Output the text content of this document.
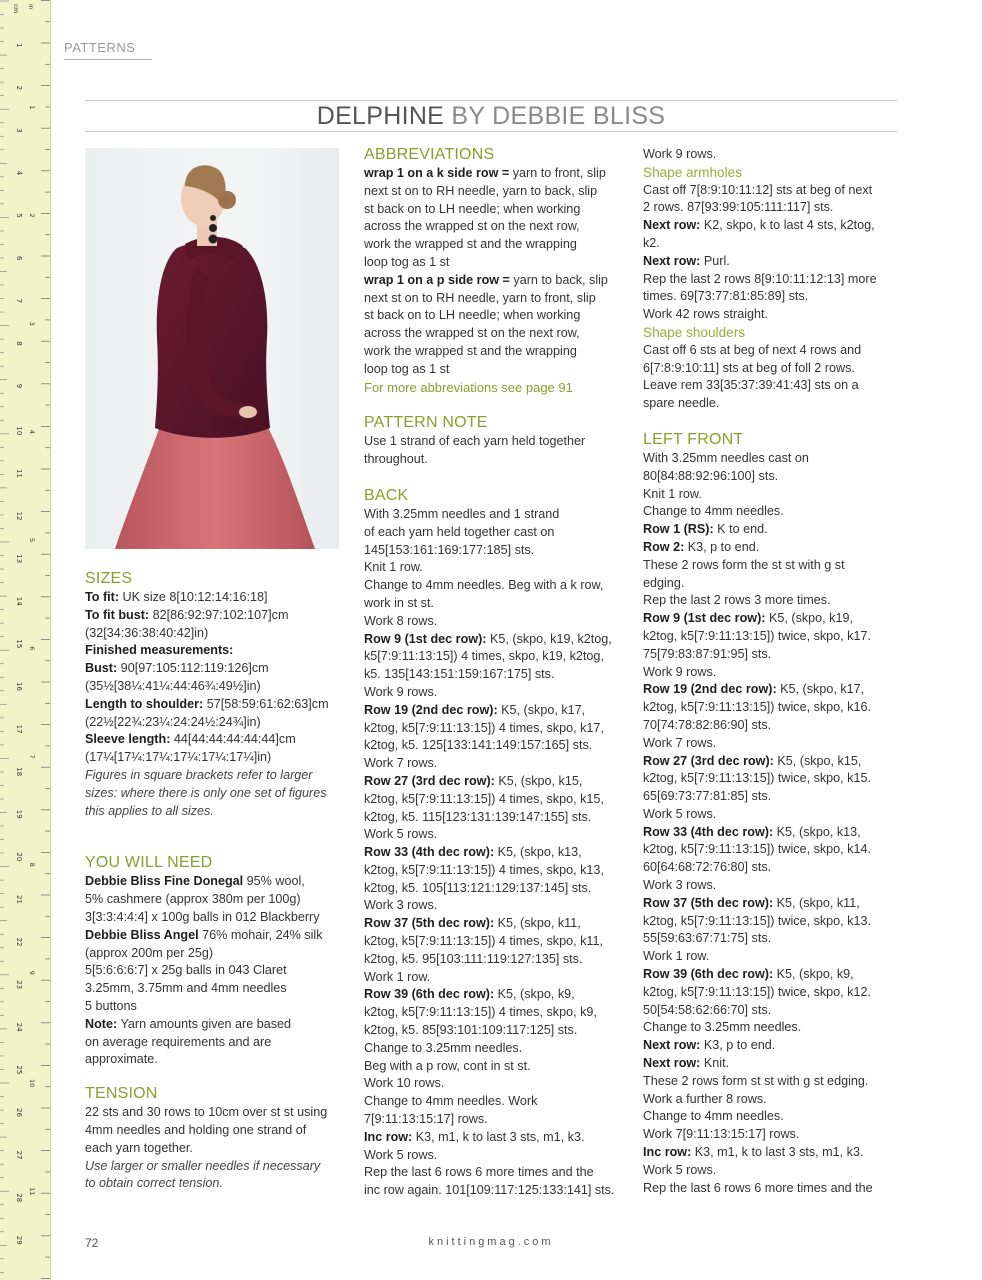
in
cm
1
2
3
4
5
6
7
8
9
10
11
12
13
14
15
16
17
18
19
20
21
22
23
24
25
26
27
28
29
1
2
3
4
5
6
7
8
9
10
11
PATTERNS
DELPHINE BY DEBBIE BLISS

SIZES

To fit: UK size 8[10:12:14:16:18]

To fit bust: 82[86:92:97:102:107]cm

(32[34:36:38:40:42]in)

Finished measurements:

Bust: 90[97:105:112:119:126]cm

(35½[38¼:41¼:44:46¾:49½]in)

Length to shoulder: 57[58:59:61:62:63]cm

(22½[22¾:23¼:24:24½:24¾]in)

Sleeve length: 44[44:44:44:44:44]cm

(17¼[17¼:17¼:17¼:17¼:17¼]in)

Figures in square brackets refer to larger

sizes: where there is only one set of figures

this applies to all sizes.

YOU WILL NEED

Debbie Bliss Fine Donegal 95% wool,

5% cashmere (approx 380m per 100g)

3[3:3:4:4:4] x 100g balls in 012 Blackberry

Debbie Bliss Angel 76% mohair, 24% silk

(approx 200m per 25g)

5[5:6:6:6:7] x 25g balls in 043 Claret

3.25mm, 3.75mm and 4mm needles

5 buttons

Note: Yarn amounts given are based

on average requirements and are

approximate.

TENSION

22 sts and 30 rows to 10cm over st st using

4mm needles and holding one strand of

each yarn together.

Use larger or smaller needles if necessary

to obtain correct tension.

ABBREVIATIONS

wrap 1 on a k side row = yarn to front, slip

next st on to RH needle, yarn to back, slip

st back on to LH needle; when working

across the wrapped st on the next row,

work the wrapped st and the wrapping

loop tog as 1 st

wrap 1 on a p side row = yarn to back, slip

next st on to RH needle, yarn to front, slip

st back on to LH needle; when working

across the wrapped st on the next row,

work the wrapped st and the wrapping

loop tog as 1 st

For more abbreviations see page 91

PATTERN NOTE

Use 1 strand of each yarn held together

throughout.

BACK

With 3.25mm needles and 1 strand

of each yarn held together cast on

145[153:161:169:177:185] sts.

Knit 1 row.

Change to 4mm needles. Beg with a k row,

work in st st.

Work 8 rows.

Row 9 (1st dec row): K5, (skpo, k19, k2tog,

k5[7:9:11:13:15]) 4 times, skpo, k19, k2tog,

k5. 135[143:151:159:167:175] sts.

Work 9 rows.

Row 19 (2nd dec row): K5, (skpo, k17,

k2tog, k5[7:9:11:13:15]) 4 times, skpo, k17,

k2tog, k5. 125[133:141:149:157:165] sts.

Work 7 rows.

Row 27 (3rd dec row): K5, (skpo, k15,

k2tog, k5[7:9:11:13:15]) 4 times, skpo, k15,

k2tog, k5. 115[123:131:139:147:155] sts.

Work 5 rows.

Row 33 (4th dec row): K5, (skpo, k13,

k2tog, k5[7:9:11:13:15]) 4 times, skpo, k13,

k2tog, k5. 105[113:121:129:137:145] sts.

Work 3 rows.

Row 37 (5th dec row): K5, (skpo, k11,

k2tog, k5[7:9:11:13:15]) 4 times, skpo, k11,

k2tog, k5. 95[103:111:119:127:135] sts.

Work 1 row.

Row 39 (6th dec row): K5, (skpo, k9,

k2tog, k5[7:9:11:13:15]) 4 times, skpo, k9,

k2tog, k5. 85[93:101:109:117:125] sts.

Change to 3.25mm needles.

Beg with a p row, cont in st st.

Work 10 rows.

Change to 4mm needles. Work

7[9:11:13:15:17] rows.

Inc row: K3, m1, k to last 3 sts, m1, k3.

Work 5 rows.

Rep the last 6 rows 6 more times and the

inc row again. 101[109:117:125:133:141] sts.

Work 9 rows.

Shape armholes

Cast off 7[8:9:10:11:12] sts at beg of next

2 rows. 87[93:99:105:111:117] sts.

Next row: K2, skpo, k to last 4 sts, k2tog,

k2.

Next row: Purl.

Rep the last 2 rows 8[9:10:11:12:13] more

times. 69[73:77:81:85:89] sts.

Work 42 rows straight.

Shape shoulders

Cast off 6 sts at beg of next 4 rows and

6[7:8:9:10:11] sts at beg of foll 2 rows.

Leave rem 33[35:37:39:41:43] sts on a

spare needle.

LEFT FRONT

With 3.25mm needles cast on

80[84:88:92:96:100] sts.

Knit 1 row.

Change to 4mm needles.

Row 1 (RS): K to end.

Row 2: K3, p to end.

These 2 rows form the st st with g st

edging.

Rep the last 2 rows 3 more times.

Row 9 (1st dec row): K5, (skpo, k19,

k2tog, k5[7:9:11:13:15]) twice, skpo, k17.

75[79:83:87:91:95] sts.

Work 9 rows.

Row 19 (2nd dec row): K5, (skpo, k17,

k2tog, k5[7:9:11:13:15]) twice, skpo, k16.

70[74:78:82:86:90] sts.

Work 7 rows.

Row 27 (3rd dec row): K5, (skpo, k15,

k2tog, k5[7:9:11:13:15]) twice, skpo, k15.

65[69:73:77:81:85] sts.

Work 5 rows.

Row 33 (4th dec row): K5, (skpo, k13,

k2tog, k5[7:9:11:13:15]) twice, skpo, k14.

60[64:68:72:76:80] sts.

Work 3 rows.

Row 37 (5th dec row): K5, (skpo, k11,

k2tog, k5[7:9:11:13:15]) twice, skpo, k13.

55[59:63:67:71:75] sts.

Work 1 row.

Row 39 (6th dec row): K5, (skpo, k9,

k2tog, k5[7:9:11:13:15]) twice, skpo, k12.

50[54:58:62:66:70] sts.

Change to 3.25mm needles.

Next row: K3, p to end.

Next row: Knit.

These 2 rows form st st with g st edging.

Work a further 8 rows.

Change to 4mm needles.

Work 7[9:11:13:15:17] rows.

Inc row: K3, m1, k to last 3 sts, m1, k3.

Work 5 rows.

Rep the last 6 rows 6 more times and the

72	knittingmag.com
